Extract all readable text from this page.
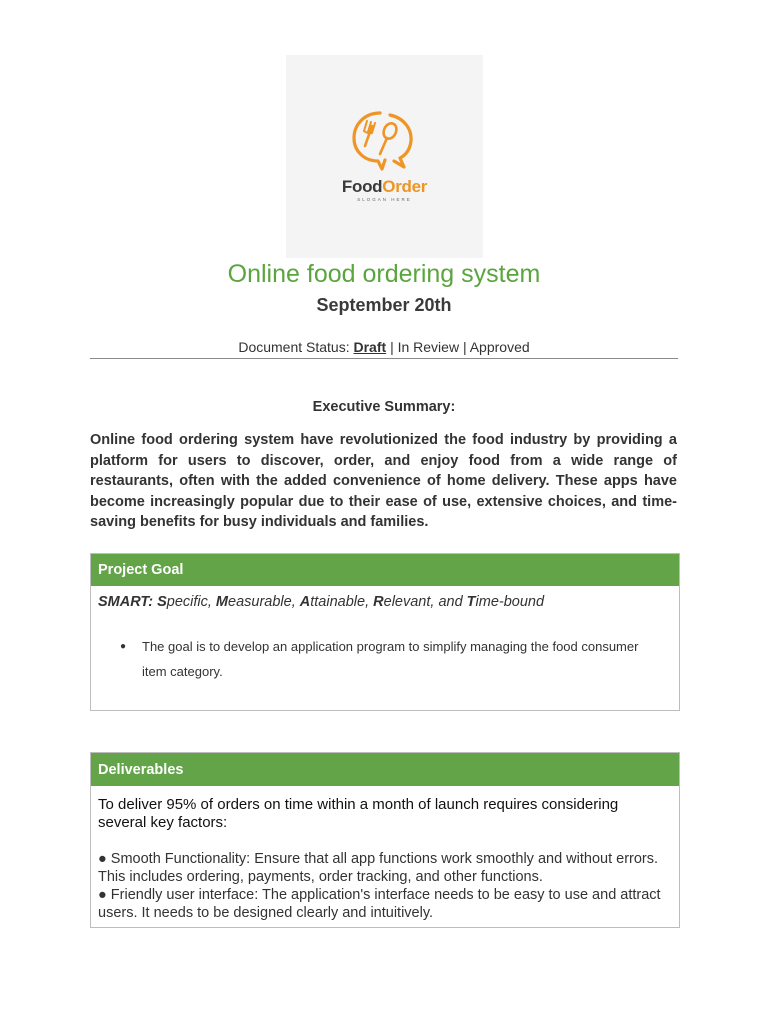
FoodOrder
SLOGAN HERE
Online food ordering system
September 20th
Document Status: Draft | In Review | Approved
Executive Summary:
Online food ordering system have revolutionized the food industry by providing a platform for users to discover, order, and enjoy food from a wide range of restaurants, often with the added convenience of home delivery. These apps have become increasingly popular due to their ease of use, extensive choices, and time-saving benefits for busy individuals and families.
Project Goal
SMART: Specific, Measurable, Attainable, Relevant, and Time-bound
●	The goal is to develop an application program to simplify managing the food consumer item category.
Deliverables
To deliver 95% of orders on time within a month of launch requires considering several key factors:

● Smooth Functionality: Ensure that all app functions work smoothly and without errors. This includes ordering, payments, order tracking, and other functions.

● Friendly user interface: The application's interface needs to be easy to use and attract users. It needs to be designed clearly and intuitively.
